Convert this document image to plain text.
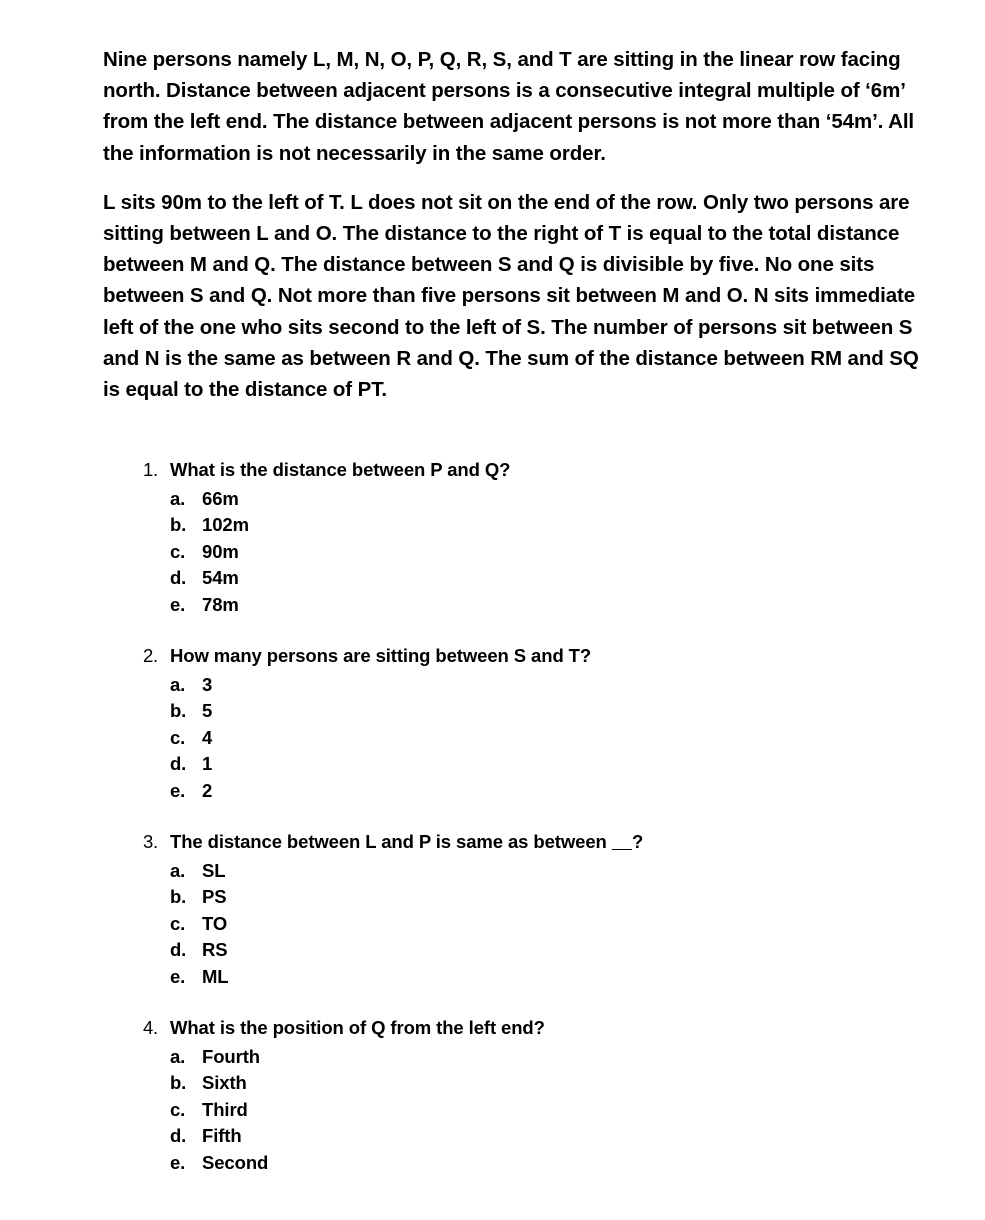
Nine persons namely L, M, N, O, P, Q, R, S, and T are sitting in the linear row facing north. Distance between adjacent persons is a consecutive integral multiple of ‘6m’ from the left end. The distance between adjacent persons is not more than ‘54m’. All the information is not necessarily in the same order.

L sits 90m to the left of T. L does not sit on the end of the row. Only two persons are sitting between L and O. The distance to the right of T is equal to the total distance between M and Q. The distance between S and Q is divisible by five. No one sits between S and Q. Not more than five persons sit between M and O. N sits immediate left of the one who sits second to the left of S. The number of persons sit between S and N is the same as between R and Q. The sum of the distance between RM and SQ is equal to the distance of PT.

1. What is the distance between P and Q?
a. 66m
b. 102m
c. 90m
d. 54m
e. 78m
2. How many persons are sitting between S and T?
a. 3
b. 5
c. 4
d. 1
e. 2
3. The distance between L and P is same as between     ?
a. SL
b. PS
c. TO
d. RS
e. ML
4. What is the position of Q from the left end?
a. Fourth
b. Sixth
c. Third
d. Fifth
e. Second
